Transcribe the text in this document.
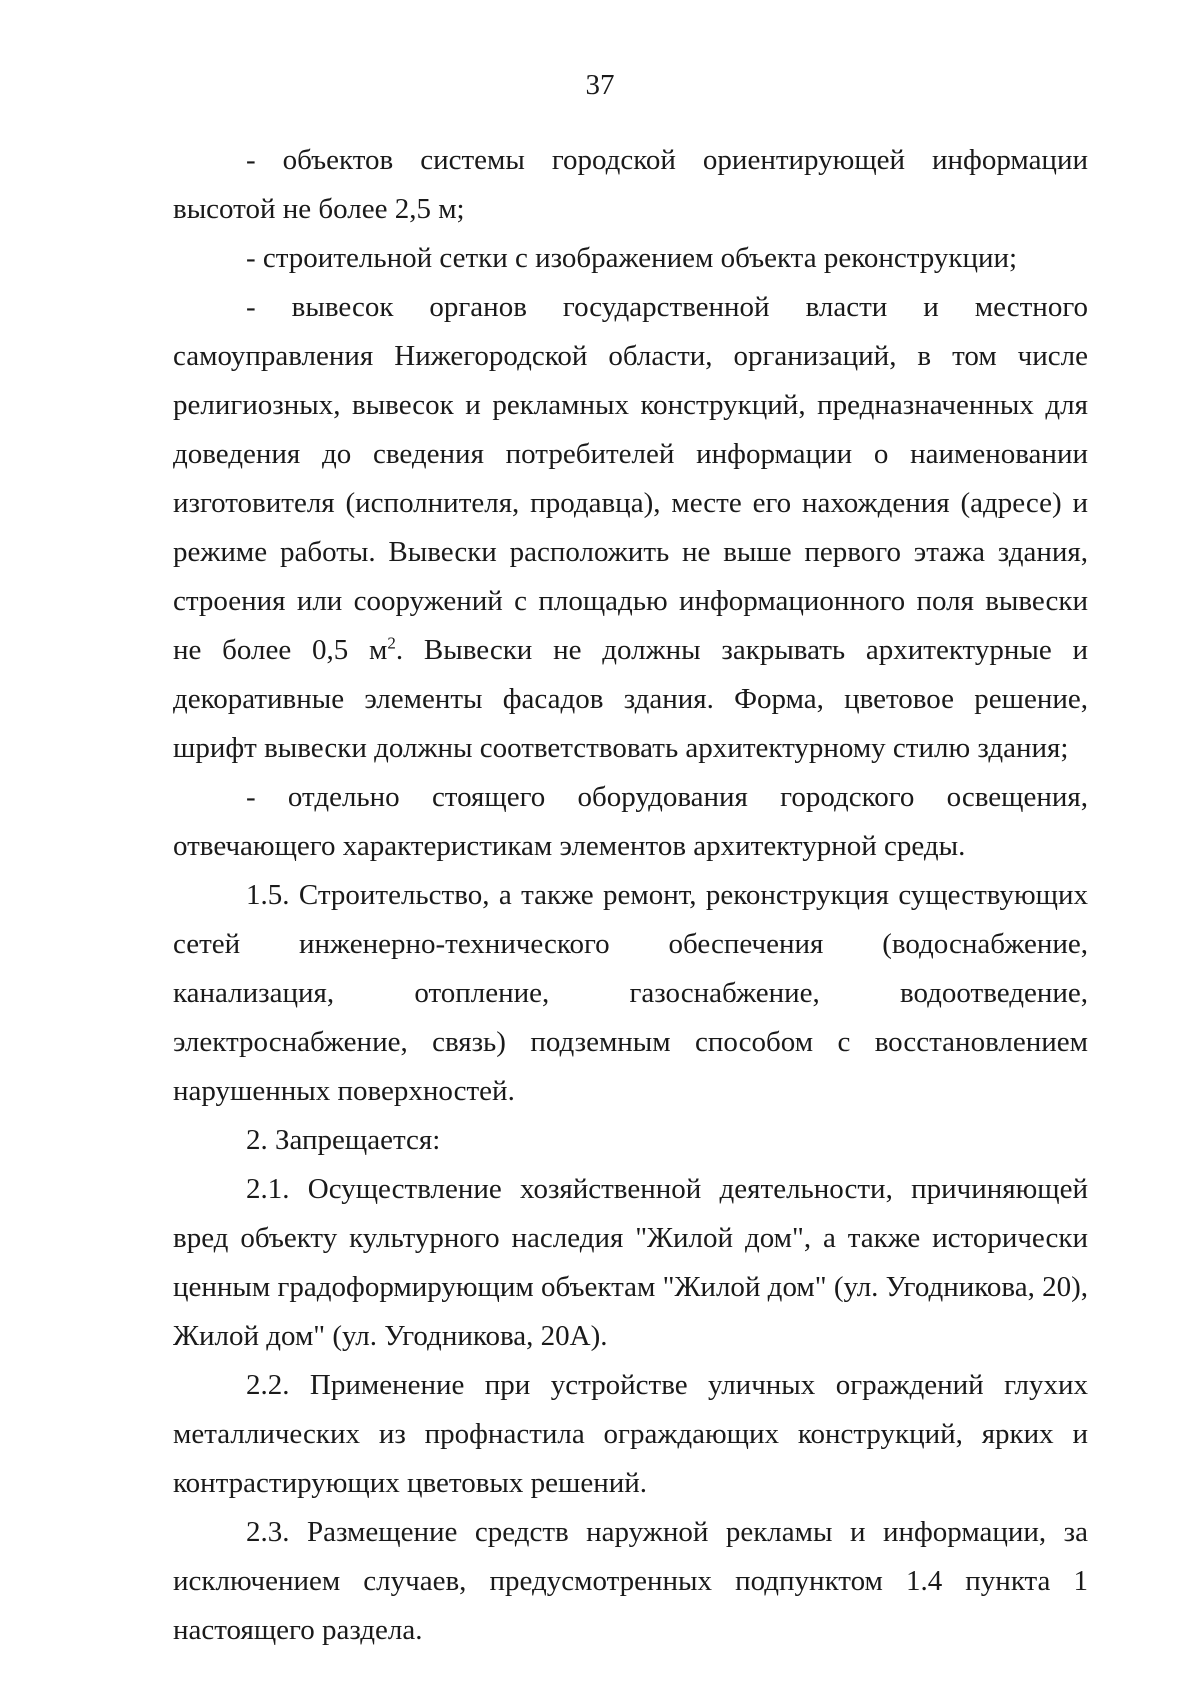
37

- объектов системы городской ориентирующей информации высотой не более 2,5 м;

- строительной сетки с изображением объекта реконструкции;

- вывесок органов государственной власти и местного самоуправления Нижегородской области, организаций, в том числе религиозных, вывесок и рекламных конструкций, предназначенных для доведения до сведения потребителей информации о наименовании изготовителя (исполнителя, продавца), месте его нахождения (адресе) и режиме работы. Вывески расположить не выше первого этажа здания, строения или сооружений с площадью информационного поля вывески не более 0,5 $м^2$. Вывески не должны закрывать архитектурные и декоративные элементы фасадов здания. Форма, цветовое решение, шрифт вывески должны соответствовать архитектурному стилю здания;

- отдельно стоящего оборудования городского освещения, отвечающего характеристикам элементов архитектурной среды.

1.5. Строительство, а также ремонт, реконструкция существующих сетей инженерно-технического обеспечения (водоснабжение, канализация, отопление, газоснабжение, водоотведение, электроснабжение, связь) подземным способом с восстановлением нарушенных поверхностей.

2. Запрещается:

2.1. Осуществление хозяйственной деятельности, причиняющей вред объекту культурного наследия "Жилой дом", а также исторически ценным градоформирующим объектам "Жилой дом" (ул. Угодникова, 20), Жилой дом" (ул. Угодникова, 20А).

2.2. Применение при устройстве уличных ограждений глухих металлических из профнастила ограждающих конструкций, ярких и контрастирующих цветовых решений.

2.3. Размещение средств наружной рекламы и информации, за исключением случаев, предусмотренных подпунктом 1.4 пункта 1 настоящего раздела.
